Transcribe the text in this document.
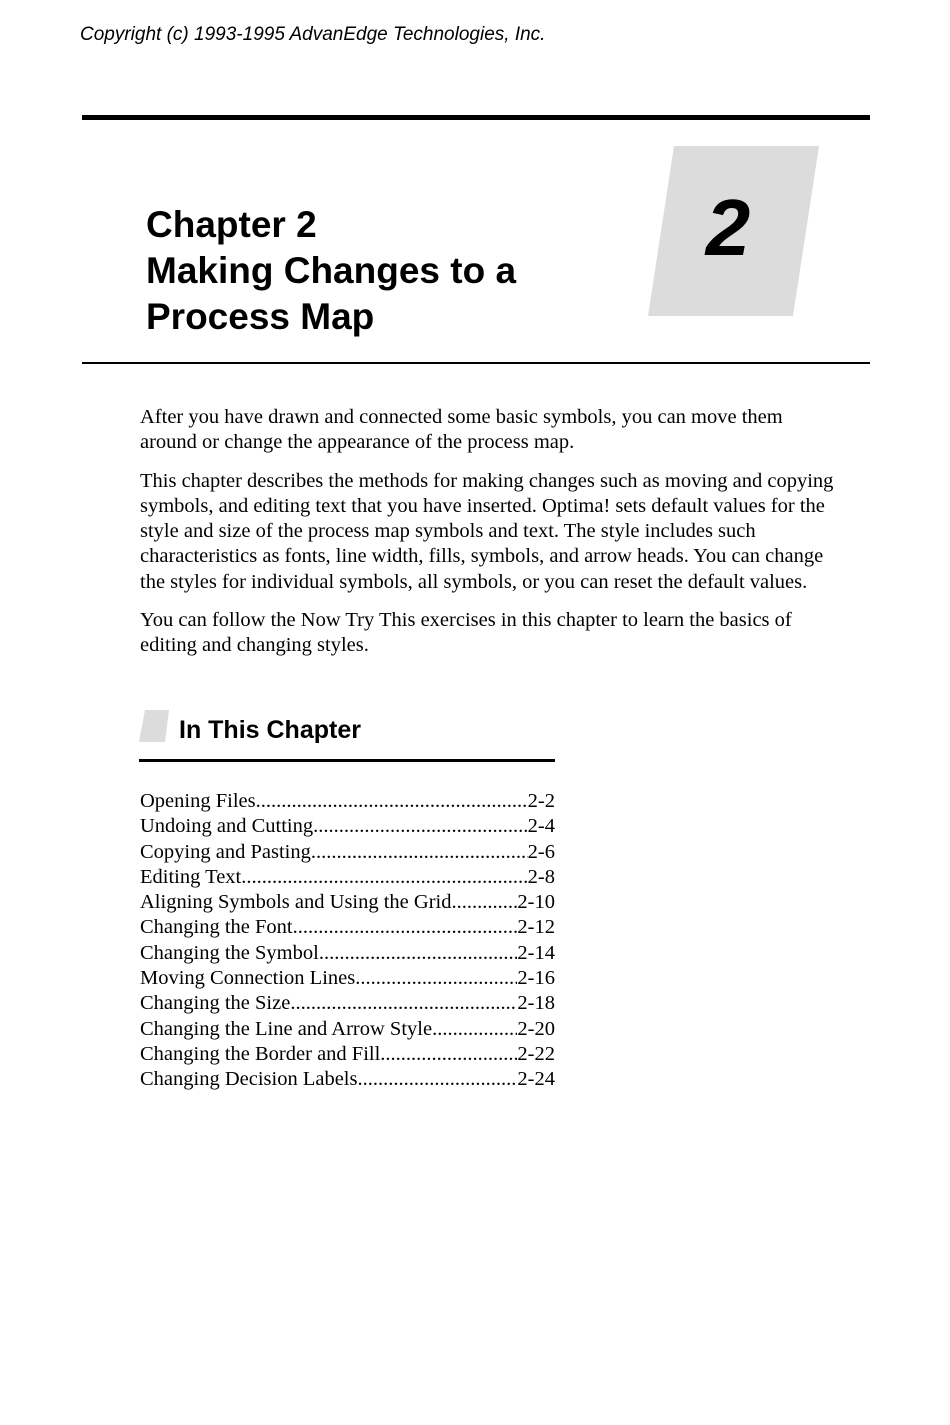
Copyright (c) 1993-1995 AdvanEdge Technologies, Inc.
Chapter 2
Making Changes to a
Process Map
2

After you have drawn and connected some basic symbols, you can move them around or change the appearance of the process map.

This chapter describes the methods for making changes such as moving and copying symbols, and editing text that you have inserted. Optima! sets default values for the style and size of the process map symbols and text. The style includes such characteristics as fonts, line width, fills, symbols, and arrow heads. You can change the styles for individual symbols, all symbols, or you can reset the default values.

You can follow the Now Try This exercises in this chapter to learn the basics of editing and changing styles.

In This Chapter
Opening Files .....	2-2
Undoing and Cutting .....	2-4
Copying and Pasting .....	2-6
Editing Text .....	2-8
Aligning Symbols and Using the Grid .....	2-10
Changing the Font .....	2-12
Changing the Symbol .....	2-14
Moving Connection Lines .....	2-16
Changing the Size .....	2-18
Changing the Line and Arrow Style .....	2-20
Changing the Border and Fill .....	2-22
Changing Decision Labels .....	2-24
